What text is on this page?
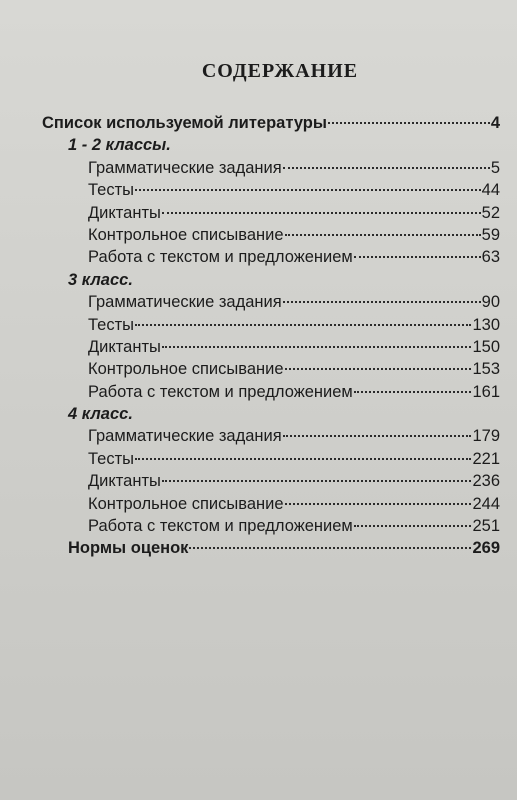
СОДЕРЖАНИЕ
Список используемой литературы	4
1 - 2 классы.
Грамматические задания	5
Тесты	44
Диктанты	52
Контрольное списывание	59
Работа с текстом и предложением	63
3 класс.
Грамматические задания	90
Тесты	130
Диктанты	150
Контрольное списывание	153
Работа с текстом и предложением	161
4 класс.
Грамматические задания	179
Тесты	221
Диктанты	236
Контрольное списывание	244
Работа с текстом и предложением	251
Нормы оценок	269
